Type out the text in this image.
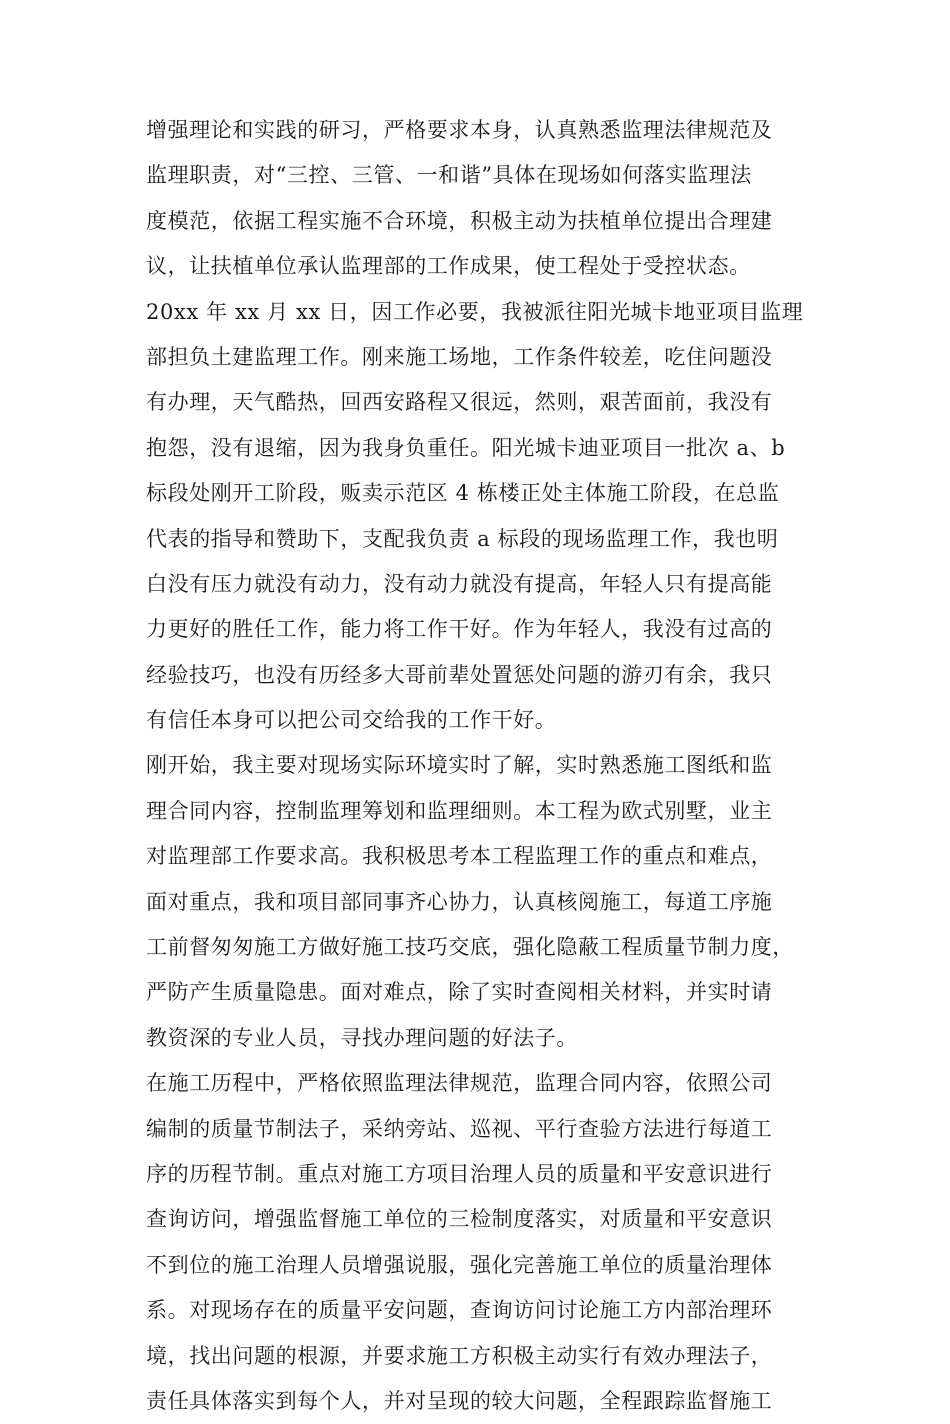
增强理论和实践的研习，严格要求本身，认真熟悉监理法律规范及
监理职责，对“三控、三管、一和谐”具体在现场如何落实监理法
度模范，依据工程实施不合环境，积极主动为扶植单位提出合理建
议，让扶植单位承认监理部的工作成果，使工程处于受控状态。
20xx 年 xx 月 xx 日，因工作必要，我被派往阳光城卡地亚项目监理
部担负土建监理工作。刚来施工场地，工作条件较差，吃住问题没
有办理，天气酷热，回西安路程又很远，然则，艰苦面前，我没有
抱怨，没有退缩，因为我身负重任。阳光城卡迪亚项目一批次 a、b
标段处刚开工阶段，贩卖示范区 4 栋楼正处主体施工阶段，在总监
代表的指导和赞助下，支配我负责 a 标段的现场监理工作，我也明
白没有压力就没有动力，没有动力就没有提高，年轻人只有提高能
力更好的胜任工作，能力将工作干好。作为年轻人，我没有过高的
经验技巧，也没有历经多大哥前辈处置惩处问题的游刃有余，我只
有信任本身可以把公司交给我的工作干好。
刚开始，我主要对现场实际环境实时了解，实时熟悉施工图纸和监
理合同内容，控制监理筹划和监理细则。本工程为欧式别墅，业主
对监理部工作要求高。我积极思考本工程监理工作的重点和难点，
面对重点，我和项目部同事齐心协力，认真核阅施工，每道工序施
工前督匆匆施工方做好施工技巧交底，强化隐蔽工程质量节制力度，
严防产生质量隐患。面对难点，除了实时查阅相关材料，并实时请
教资深的专业人员，寻找办理问题的好法子。
在施工历程中，严格依照监理法律规范，监理合同内容，依照公司
编制的质量节制法子，采纳旁站、巡视、平行查验方法进行每道工
序的历程节制。重点对施工方项目治理人员的质量和平安意识进行
查询访问，增强监督施工单位的三检制度落实，对质量和平安意识
不到位的施工治理人员增强说服，强化完善施工单位的质量治理体
系。对现场存在的质量平安问题，查询访问讨论施工方内部治理环
境，找出问题的根源，并要求施工方积极主动实行有效办理法子，
责任具体落实到每个人，并对呈现的较大问题，全程跟踪监督施工
